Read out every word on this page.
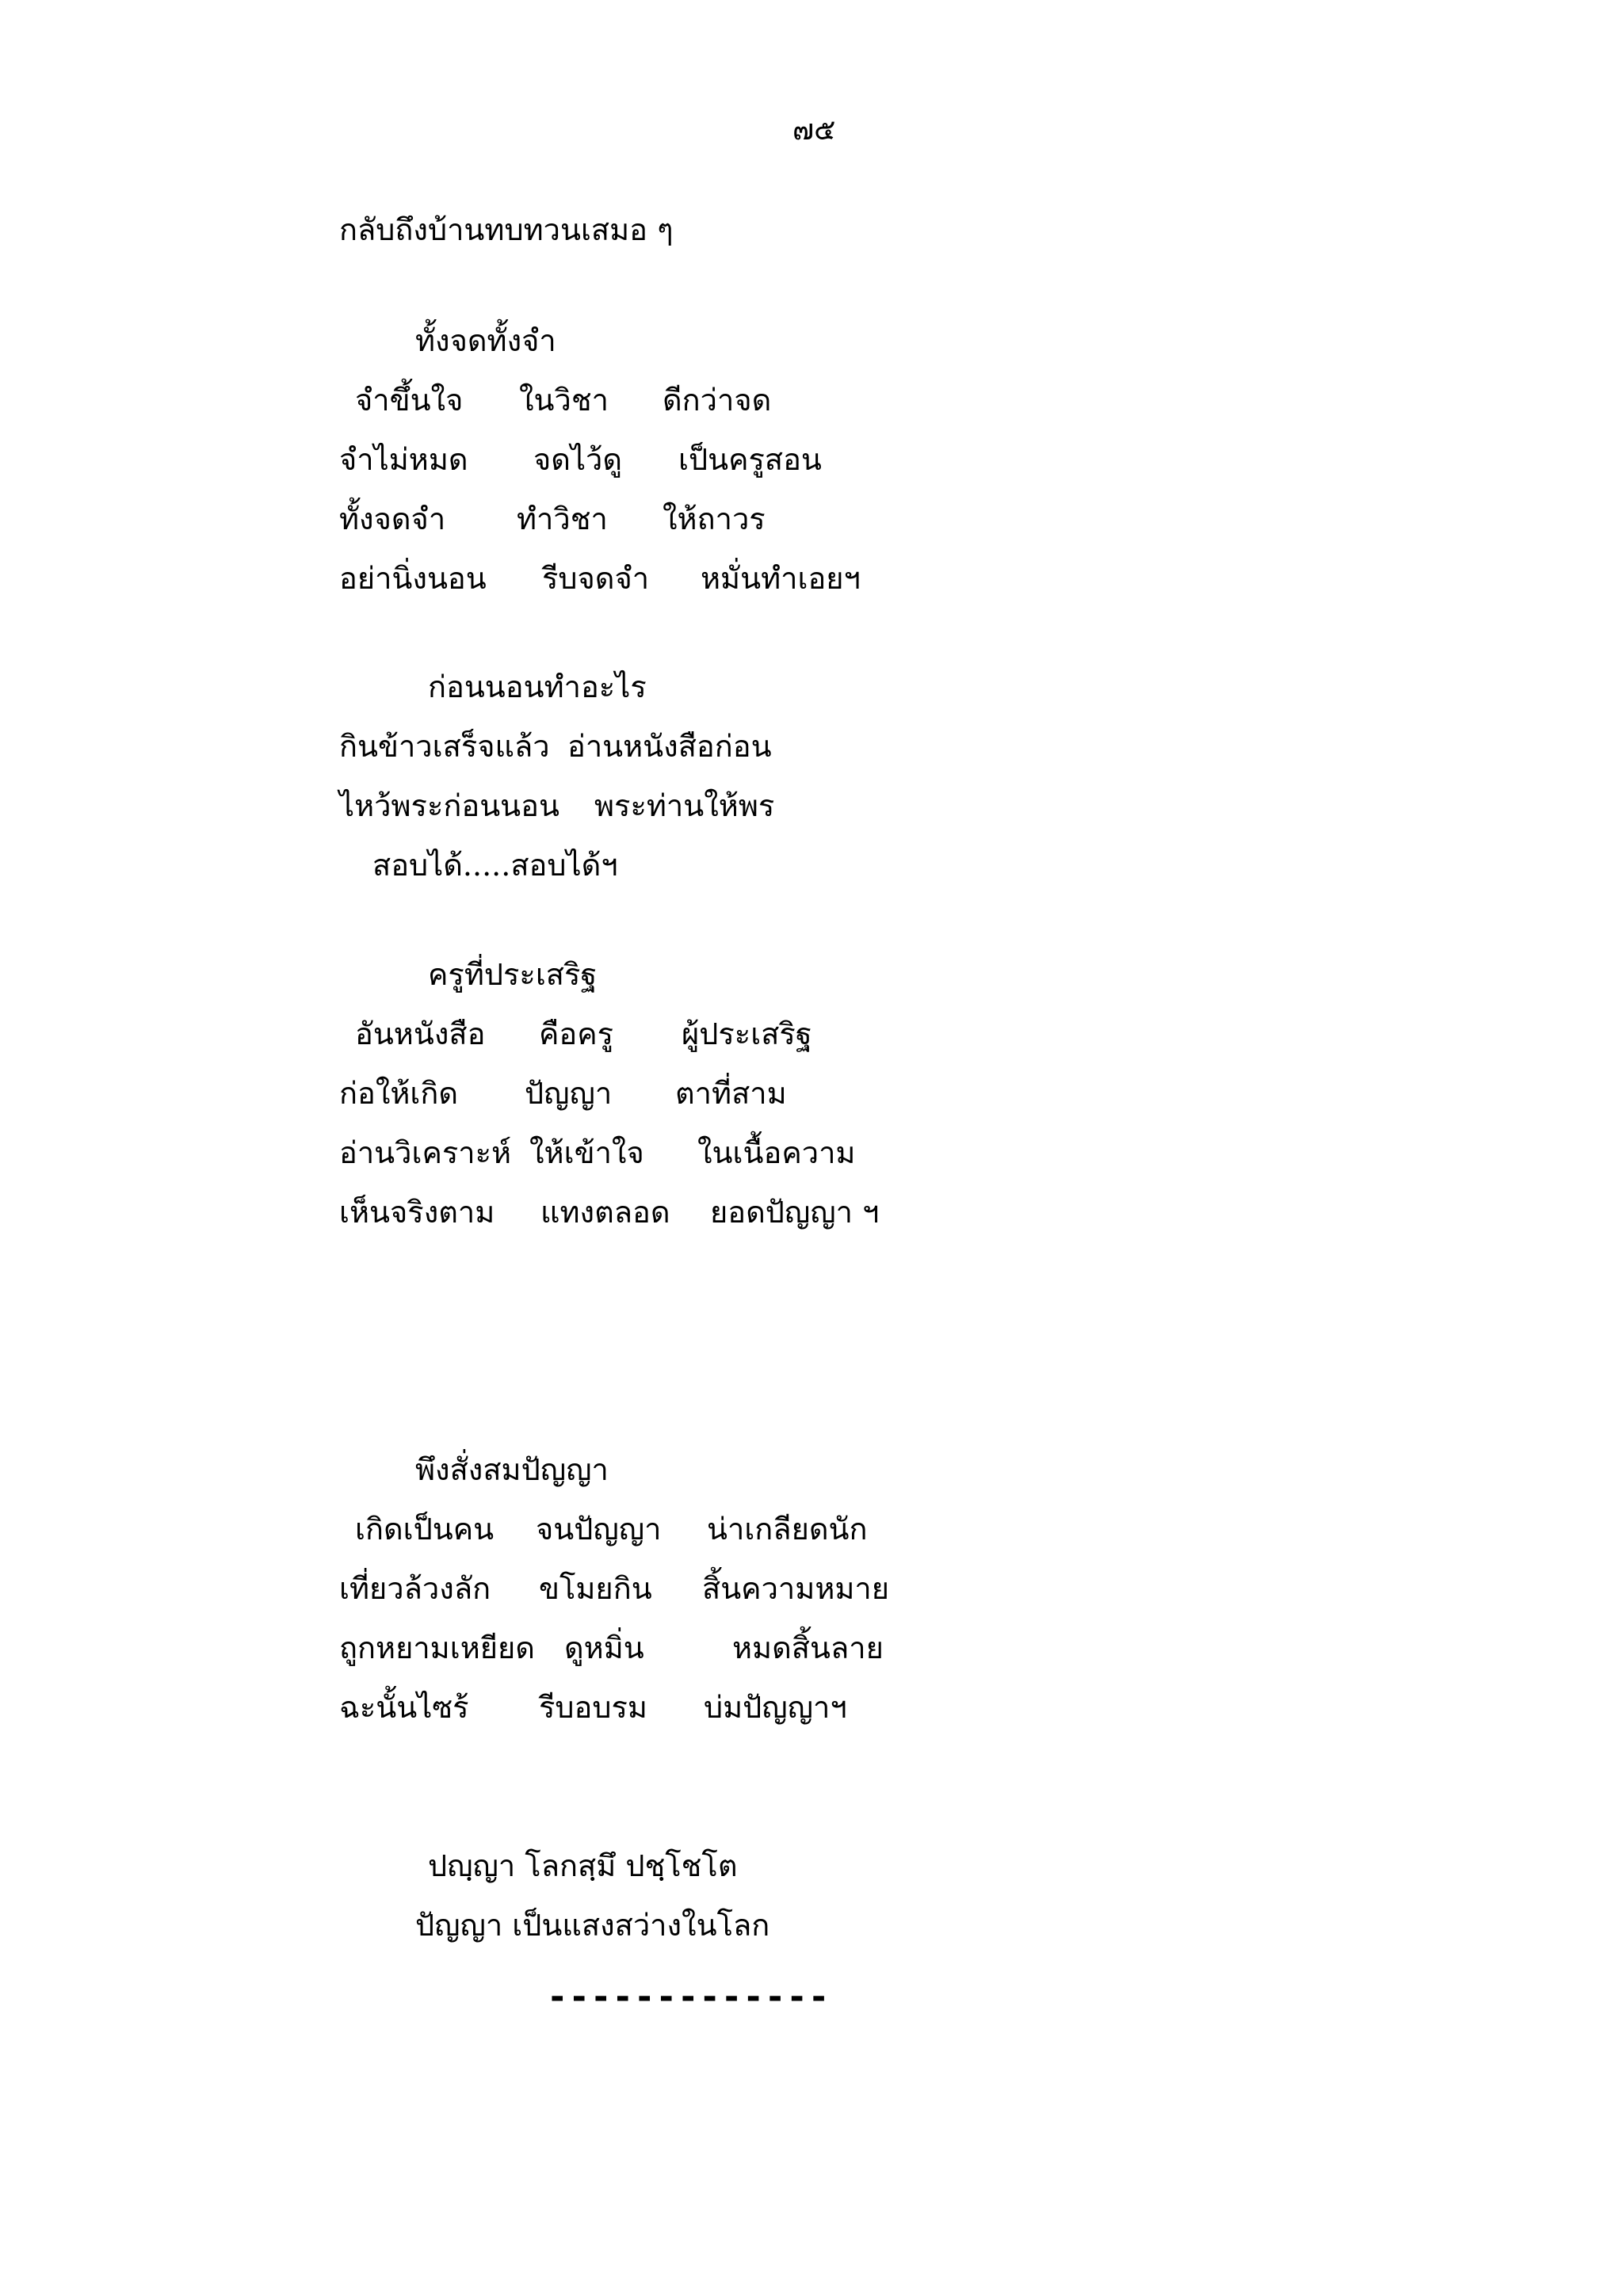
๗๕
กลับถึงบ้านทบทวนเสมอ ๆ
ทั้งจดทั้งจำ
จำขึ้นใจ ในวิชา ดีกว่าจด
จำไม่หมด จดไว้ดู เป็นครูสอน
ทั้งจดจำ ทำวิชา ให้ถาวร
อย่านิ่งนอน รีบจดจำ หมั่นทำเอยฯ
ก่อนนอนทำอะไร
กินข้าวเสร็จแล้ว อ่านหนังสือก่อน
ไหว้พระก่อนนอน พระท่านให้พร
สอบได้.....สอบได้ฯ
ครูที่ประเสริฐ
อันหนังสือ คือครู ผู้ประเสริฐ
ก่อให้เกิด ปัญญา ตาที่สาม
อ่านวิเคราะห์ ให้เข้าใจ ในเนื้อความ
เห็นจริงตาม แทงตลอด ยอดปัญญา ฯ
พึงสั่งสมปัญญา
เกิดเป็นคน จนปัญญา น่าเกลียดนัก
เที่ยวล้วงลัก ขโมยกิน สิ้นความหมาย
ถูกหยามเหยียด ดูหมิ่น	หมดสิ้นลาย
ฉะนั้นไซร้ รีบอบรม บ่มปัญญาฯ
ปญฺญา โลกสฺมึ ปชฺโชโต
ปัญญา เป็นแสงสว่างในโลก
-------------
